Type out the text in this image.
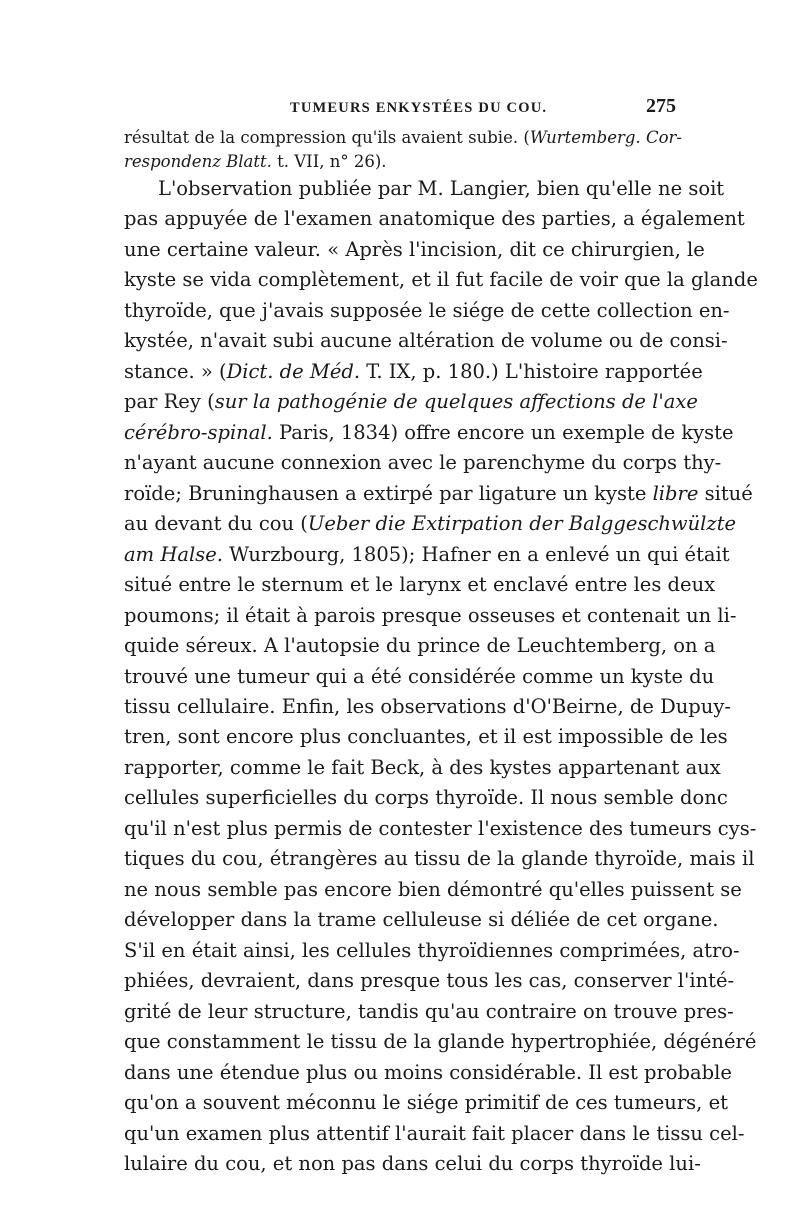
TUMEURS ENKYSTÉES DU COU.	275
résultat de la compression qu'ils avaient subie. (Wurtemberg. Cor-
respondenz Blatt. t. VII, n° 26).
L'observation publiée par M. Langier, bien qu'elle ne soit
pas appuyée de l'examen anatomique des parties, a également
une certaine valeur. « Après l'incision, dit ce chirurgien, le
kyste se vida complètement, et il fut facile de voir que la glande
thyroïde, que j'avais supposée le siége de cette collection en-
kystée, n'avait subi aucune altération de volume ou de consi-
stance. » (Dict. de Méd. T. IX, p. 180.) L'histoire rapportée
par Rey (sur la pathogénie de quelques affections de l'axe
cérébro-spinal. Paris, 1834) offre encore un exemple de kyste
n'ayant aucune connexion avec le parenchyme du corps thy-
roïde; Bruninghausen a extirpé par ligature un kyste libre situé
au devant du cou (Ueber die Extirpation der Balggeschwülzte
am Halse. Wurzbourg, 1805); Hafner en a enlevé un qui était
situé entre le sternum et le larynx et enclavé entre les deux
poumons; il était à parois presque osseuses et contenait un li-
quide séreux. A l'autopsie du prince de Leuchtemberg, on a
trouvé une tumeur qui a été considérée comme un kyste du
tissu cellulaire. Enfin, les observations d'O'Beirne, de Dupuy-
tren, sont encore plus concluantes, et il est impossible de les
rapporter, comme le fait Beck, à des kystes appartenant aux
cellules superficielles du corps thyroïde. Il nous semble donc
qu'il n'est plus permis de contester l'existence des tumeurs cys-
tiques du cou, étrangères au tissu de la glande thyroïde, mais il
ne nous semble pas encore bien démontré qu'elles puissent se
développer dans la trame celluleuse si déliée de cet organe.
S'il en était ainsi, les cellules thyroïdiennes comprimées, atro-
phiées, devraient, dans presque tous les cas, conserver l'inté-
grité de leur structure, tandis qu'au contraire on trouve pres-
que constamment le tissu de la glande hypertrophiée, dégénéré
dans une étendue plus ou moins considérable. Il est probable
qu'on a souvent méconnu le siége primitif de ces tumeurs, et
qu'un examen plus attentif l'aurait fait placer dans le tissu cel-
lulaire du cou, et non pas dans celui du corps thyroïde lui-
